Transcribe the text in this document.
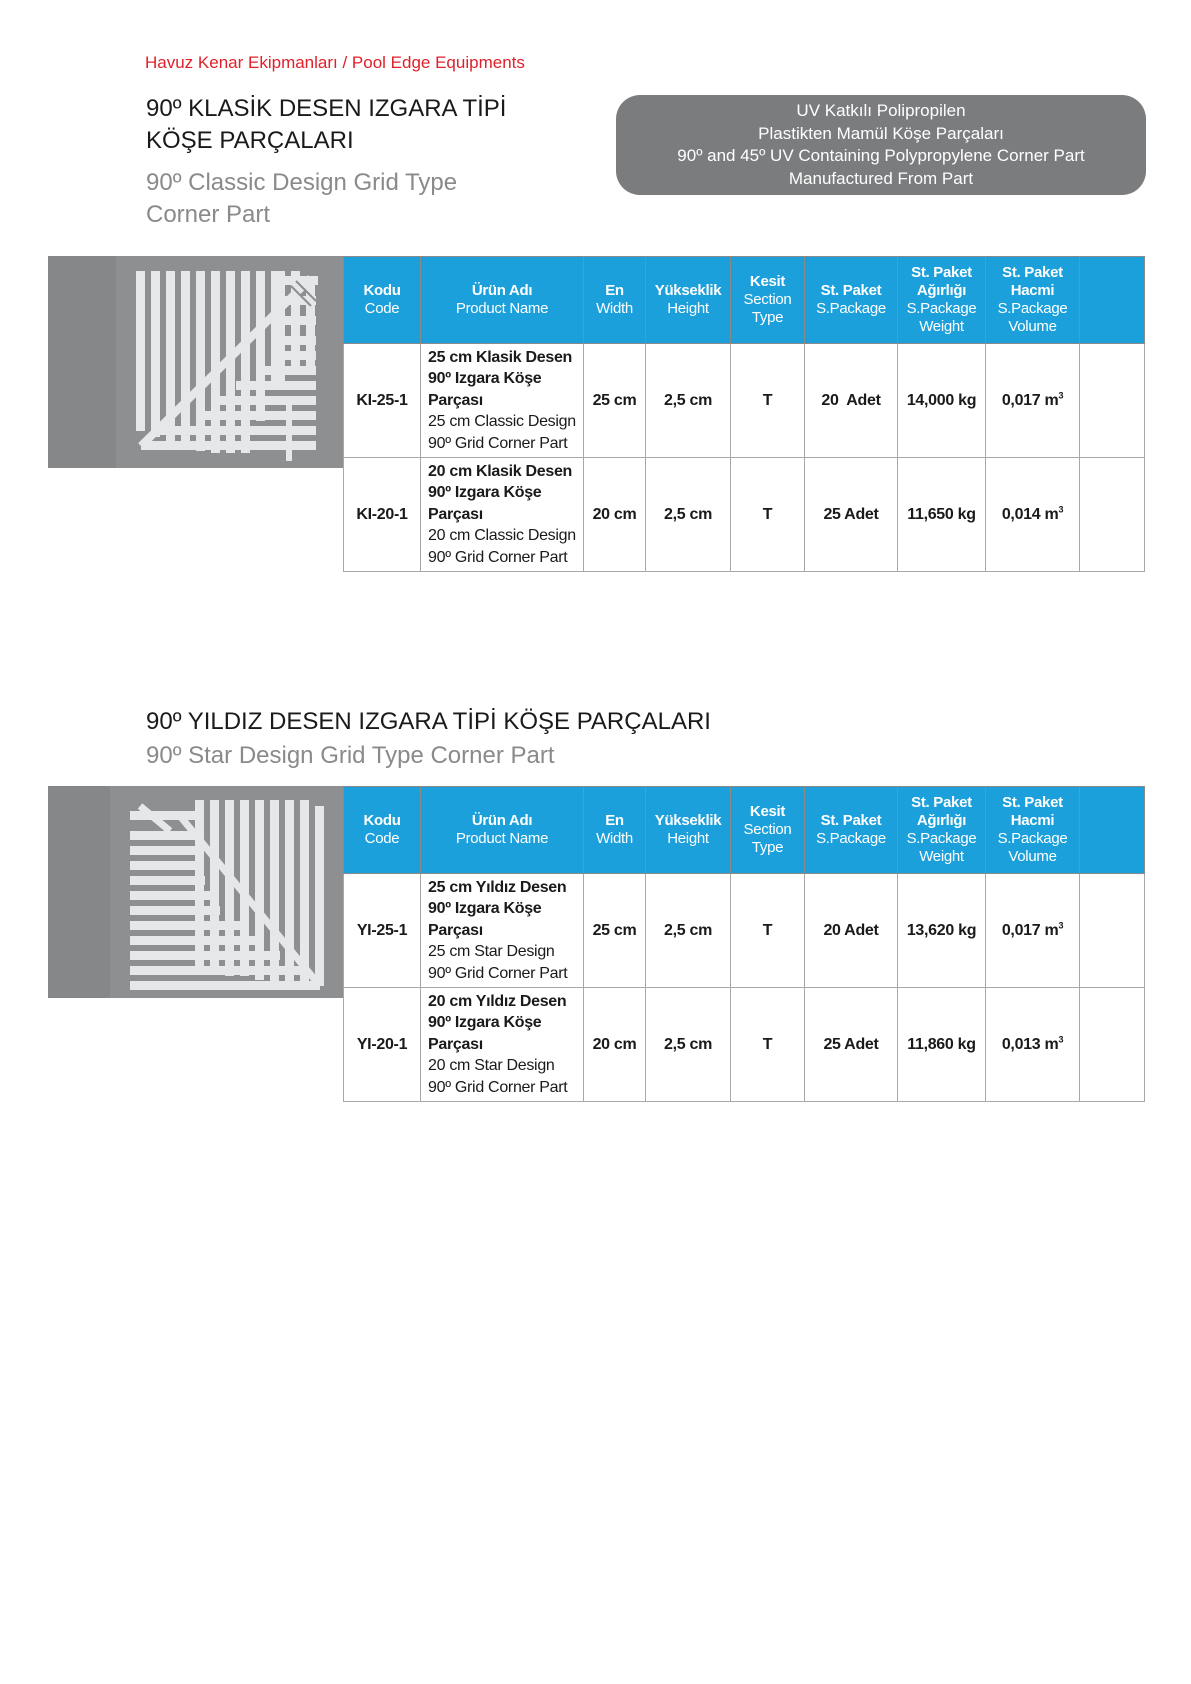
Havuz Kenar Ekipmanları / Pool Edge Equipments
90º KLASİK DESEN IZGARA TİPİ
KÖŞE PARÇALARI
90º Classic Design Grid Type
Corner Part
UV Katkılı Polipropilen
Plastikten Mamül Köşe Parçaları
90º and 45º UV Containing Polypropylene Corner Part
Manufactured From Part
Kodu
Code	Ürün Adı
Product Name	En
Width	Yükseklik
Height	Kesit
Section
Type	St. Paket
S.Package	St. Paket
Ağırlığı
S.Package
Weight	St. Paket
Hacmi
S.Package
Volume	

KI-25-1	25 cm Klasik Desen
90º Izgara Köşe
Parçası
25 cm Classic Design
90º Grid Corner Part	25 cm	2,5 cm	T	20  Adet	14,000 kg	0,017 $m^3$	
KI-20-1	20 cm Klasik Desen
90º Izgara Köşe
Parçası
20 cm Classic Design
90º Grid Corner Part	20 cm	2,5 cm	T	25 Adet	11,650 kg	0,014 $m^3$	
90º YILDIZ DESEN IZGARA TİPİ KÖŞE PARÇALARI
90º Star Design Grid Type Corner Part
Kodu
Code	Ürün Adı
Product Name	En
Width	Yükseklik
Height	Kesit
Section
Type	St. Paket
S.Package	St. Paket
Ağırlığı
S.Package
Weight	St. Paket
Hacmi
S.Package
Volume	

YI-25-1	25 cm Yıldız Desen
90º Izgara Köşe
Parçası
25 cm Star Design
90º Grid Corner Part	25 cm	2,5 cm	T	20 Adet	13,620 kg	0,017 $m^3$	
YI-20-1	20 cm Yıldız Desen
90º Izgara Köşe
Parçası
20 cm Star Design
90º Grid Corner Part	20 cm	2,5 cm	T	25 Adet	11,860 kg	0,013 $m^3$	
